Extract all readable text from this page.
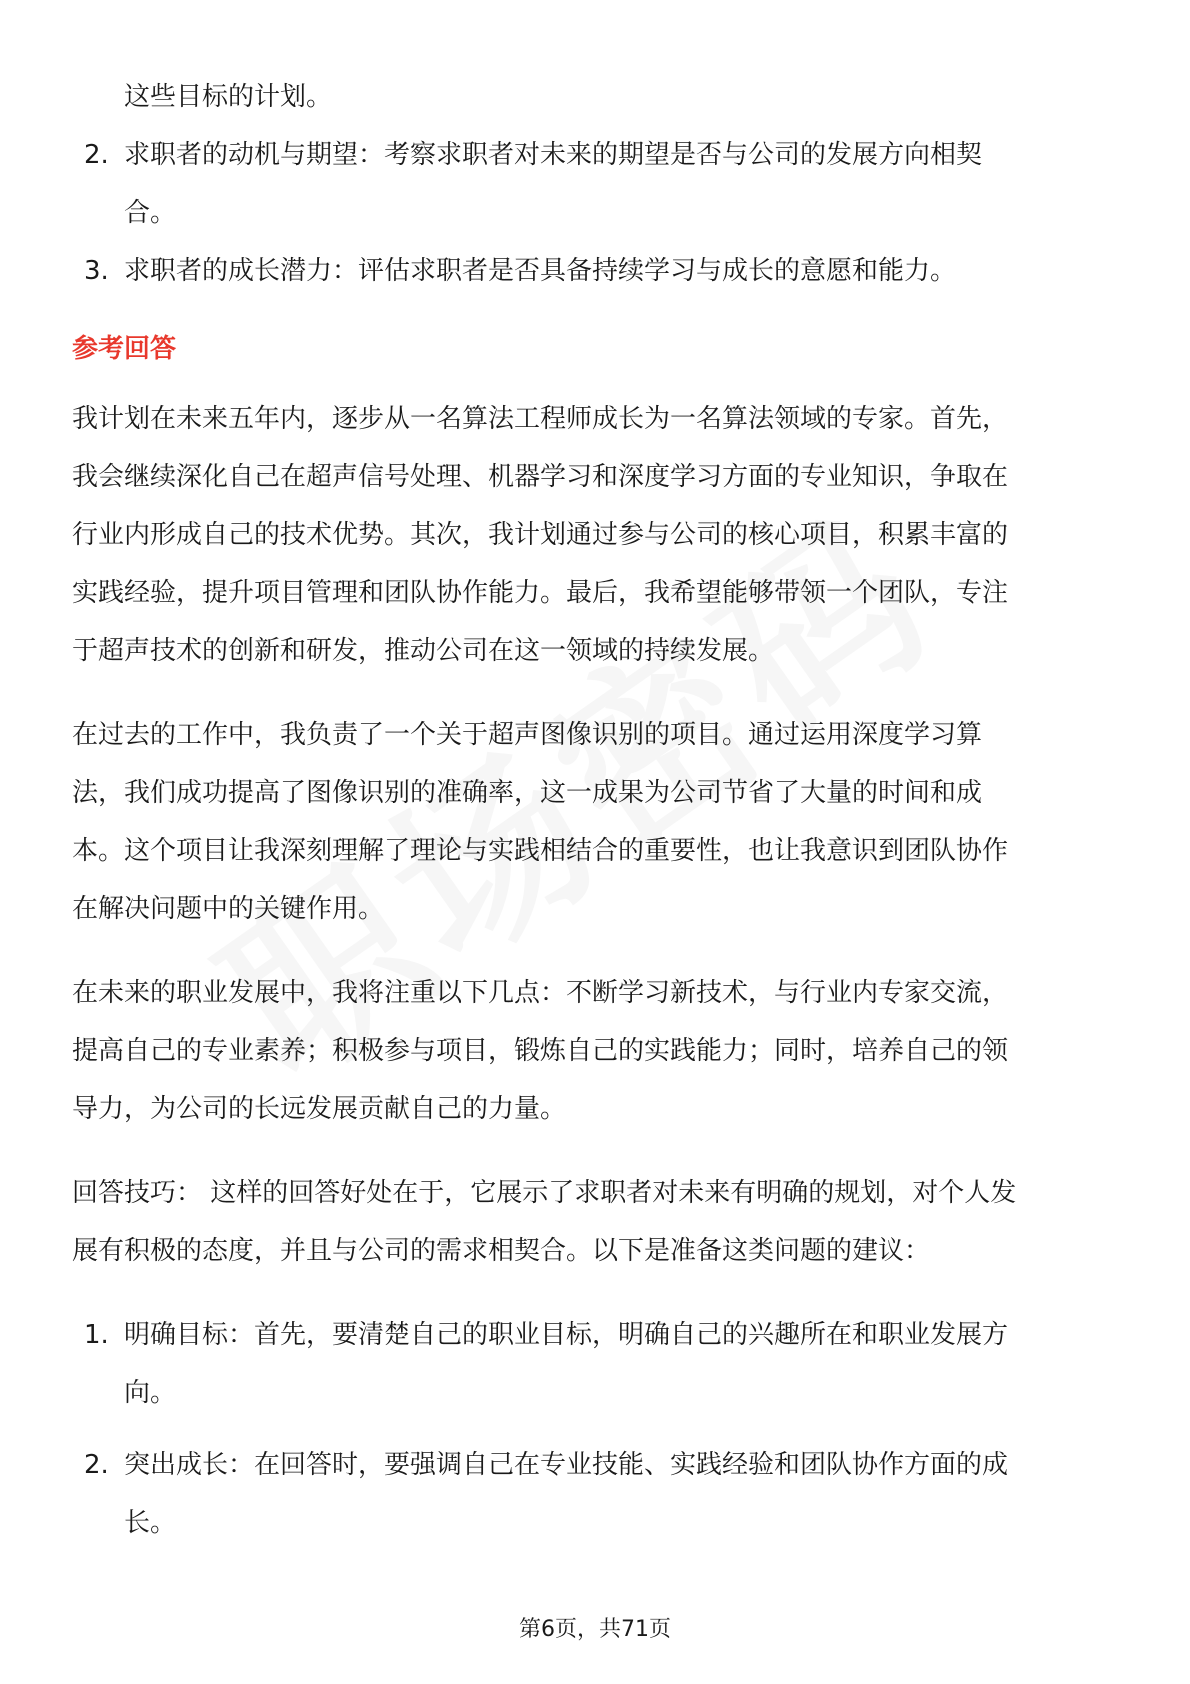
这些目标的计划。
2. 求职者的动机与期望：考察求职者对未来的期望是否与公司的发展方向相契
合。
3. 求职者的成长潜力：评估求职者是否具备持续学习与成长的意愿和能力。
参考回答

我计划在未来五年内，逐步从一名算法工程师成长为一名算法领域的专家。首先，

我会继续深化自己在超声信号处理、机器学习和深度学习方面的专业知识，争取在

行业内形成自己的技术优势。其次，我计划通过参与公司的核心项目，积累丰富的

实践经验，提升项目管理和团队协作能力。最后，我希望能够带领一个团队，专注

于超声技术的创新和研发，推动公司在这一领域的持续发展。

在过去的工作中，我负责了一个关于超声图像识别的项目。通过运用深度学习算

法，我们成功提高了图像识别的准确率，这一成果为公司节省了大量的时间和成

本。这个项目让我深刻理解了理论与实践相结合的重要性，也让我意识到团队协作

在解决问题中的关键作用。

在未来的职业发展中，我将注重以下几点：不断学习新技术，与行业内专家交流，

提高自己的专业素养；积极参与项目，锻炼自己的实践能力；同时，培养自己的领

导力，为公司的长远发展贡献自己的力量。

回答技巧： 这样的回答好处在于，它展示了求职者对未来有明确的规划，对个人发

展有积极的态度，并且与公司的需求相契合。以下是准备这类问题的建议：

1. 明确目标：首先，要清楚自己的职业目标，明确自己的兴趣所在和职业发展方
向。
2. 突出成长：在回答时，要强调自己在专业技能、实践经验和团队协作方面的成
长。
第6页，共71页
